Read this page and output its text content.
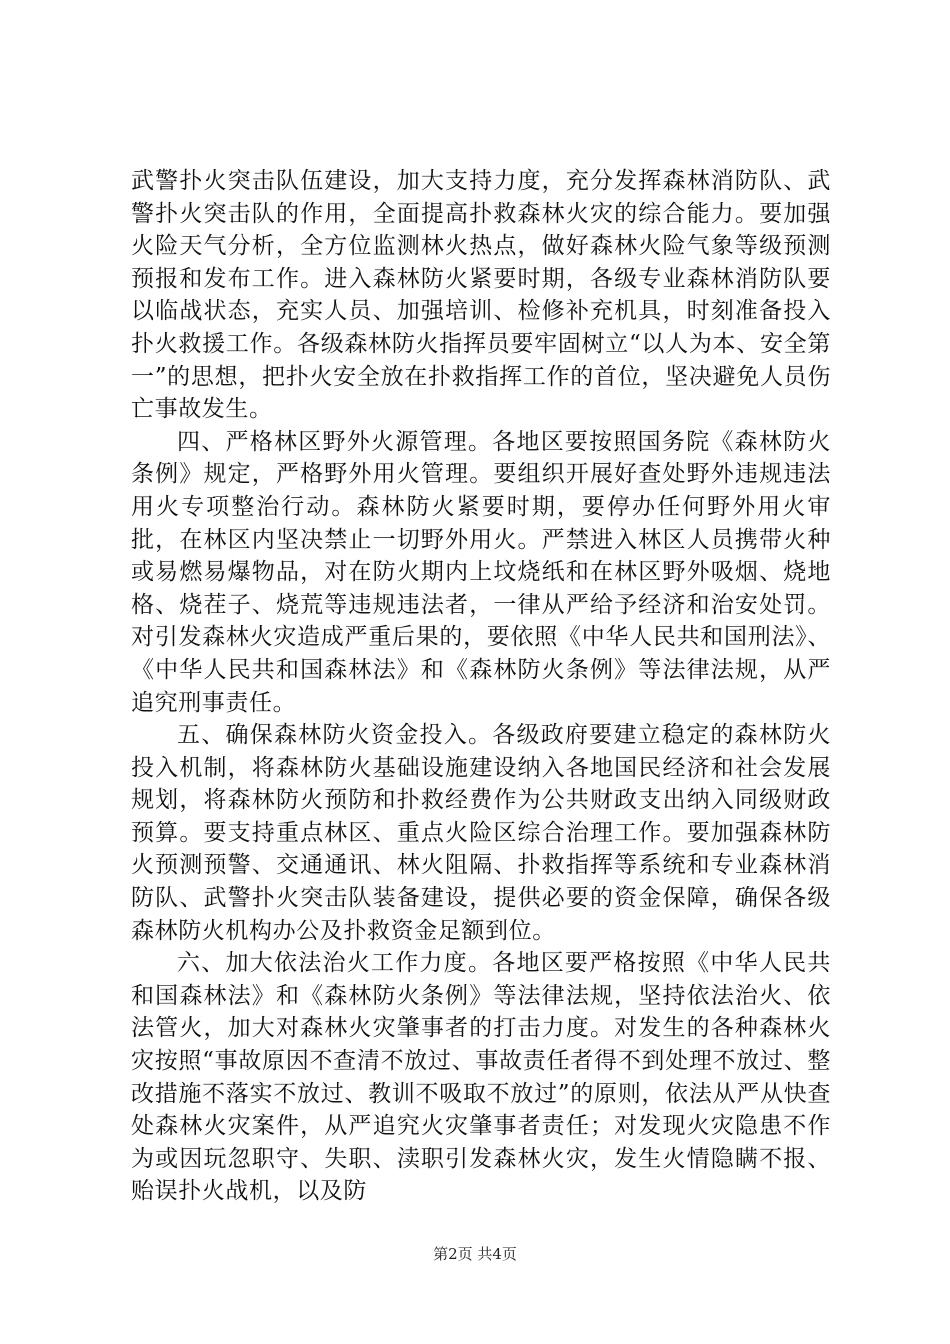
武警扑火突击队伍建设，加大支持力度，充分发挥森林消防队、武警扑火突击队的作用，全面提高扑救森林火灾的综合能力。要加强火险天气分析，全方位监测林火热点，做好森林火险气象等级预测预报和发布工作。进入森林防火紧要时期，各级专业森林消防队要以临战状态，充实人员、加强培训、检修补充机具，时刻准备投入扑火救援工作。各级森林防火指挥员要牢固树立“以人为本、安全第一”的思想，把扑火安全放在扑救指挥工作的首位，坚决避免人员伤亡事故发生。

四、严格林区野外火源管理。各地区要按照国务院《森林防火条例》规定，严格野外用火管理。要组织开展好查处野外违规违法用火专项整治行动。森林防火紧要时期，要停办任何野外用火审批，在林区内坚决禁止一切野外用火。严禁进入林区人员携带火种或易燃易爆物品，对在防火期内上坟烧纸和在林区野外吸烟、烧地格、烧茬子、烧荒等违规违法者，一律从严给予经济和治安处罚。对引发森林火灾造成严重后果的，要依照《中华人民共和国刑法》、《中华人民共和国森林法》和《森林防火条例》等法律法规，从严追究刑事责任。

五、确保森林防火资金投入。各级政府要建立稳定的森林防火投入机制，将森林防火基础设施建设纳入各地国民经济和社会发展规划，将森林防火预防和扑救经费作为公共财政支出纳入同级财政预算。要支持重点林区、重点火险区综合治理工作。要加强森林防火预测预警、交通通讯、林火阻隔、扑救指挥等系统和专业森林消防队、武警扑火突击队装备建设，提供必要的资金保障，确保各级森林防火机构办公及扑救资金足额到位。

六、加大依法治火工作力度。各地区要严格按照《中华人民共和国森林法》和《森林防火条例》等法律法规，坚持依法治火、依法管火，加大对森林火灾肇事者的打击力度。对发生的各种森林火灾按照“事故原因不查清不放过、事故责任者得不到处理不放过、整改措施不落实不放过、教训不吸取不放过”的原则，依法从严从快查处森林火灾案件，从严追究火灾肇事者责任；对发现火灾隐患不作为或因玩忽职守、失职、渎职引发森林火灾，发生火情隐瞒不报、贻误扑火战机，以及防

第2页 共4页
